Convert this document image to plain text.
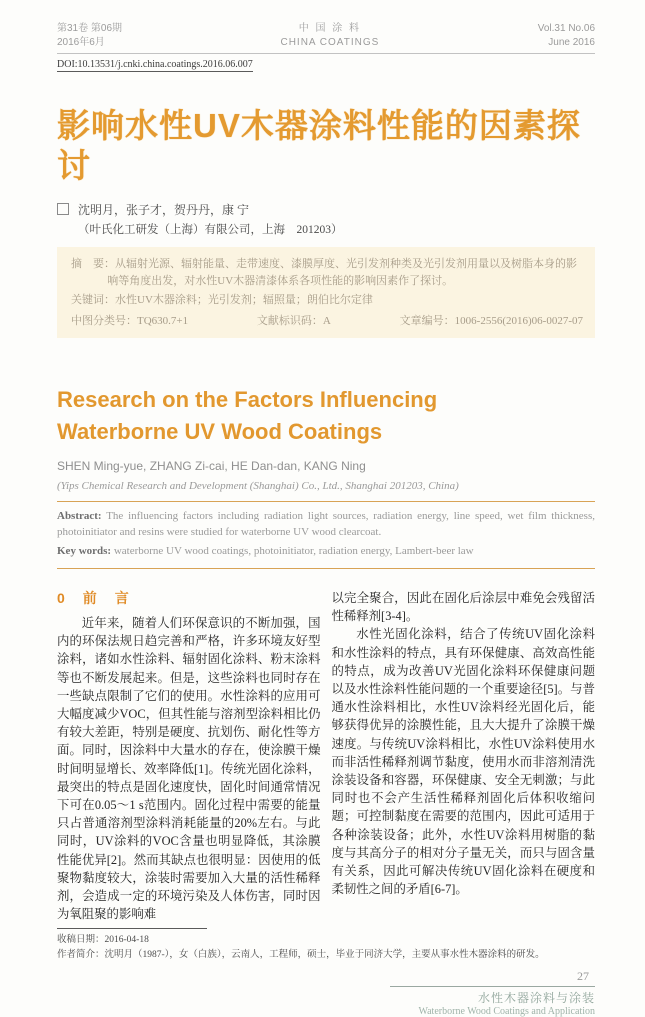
第31卷 第06期
2016年6月
中 国 涂 料
CHINA COATINGS
Vol.31 No.06
June 2016
DOI:10.13531/j.cnki.china.coatings.2016.06.007
影响水性UV木器涂料性能的因素探讨
沈明月，张子才，贺丹丹，康 宁
（叶氏化工研发（上海）有限公司，上海　201203）
摘　要：从辐射光源、辐射能量、走带速度、漆膜厚度、光引发剂种类及光引发剂用量以及树脂本身的影响等角度出发，对水性UV木器清漆体系各项性能的影响因素作了探讨。
关键词：水性UV木器涂料；光引发剂；辐照量；朗伯比尔定律
中图分类号：TQ630.7+1	文献标识码：A	文章编号：1006-2556(2016)06-0027-07
Research on the Factors Influencing Waterborne UV Wood Coatings
SHEN Ming-yue, ZHANG Zi-cai, HE Dan-dan, KANG Ning
(Yips Chemical Research and Development (Shanghai) Co., Ltd., Shanghai 201203, China)
Abstract: The influencing factors including radiation light sources, radiation energy, line speed, wet film thickness, photoinitiator and resins were studied for waterborne UV wood clearcoat.
Key words: waterborne UV wood coatings, photoinitiator, radiation energy, Lambert-beer law
0　前　言

近年来，随着人们环保意识的不断加强，国内的环保法规日趋完善和严格，许多环境友好型涂料，诸如水性涂料、辐射固化涂料、粉末涂料等也不断发展起来。但是，这些涂料也同时存在一些缺点限制了它们的使用。水性涂料的应用可大幅度减少VOC，但其性能与溶剂型涂料相比仍有较大差距，特别是硬度、抗划伤、耐化性等方面。同时，因涂料中大量水的存在，使涂膜干燥时间明显增长、效率降低[1]。传统光固化涂料，最突出的特点是固化速度快，固化时间通常情况下可在0.05～1 s范围内。固化过程中需要的能量只占普通溶剂型涂料消耗能量的20%左右。与此同时，UV涂料的VOC含量也明显降低，其涂膜性能优异[2]。然而其缺点也很明显：因使用的低聚物黏度较大，涂装时需要加入大量的活性稀释剂，会造成一定的环境污染及人体伤害，同时因为氧阻聚的影响难

以完全聚合，因此在固化后涂层中难免会残留活性稀释剂[3-4]。

水性光固化涂料，结合了传统UV固化涂料和水性涂料的特点，具有环保健康、高效高性能的特点，成为改善UV光固化涂料环保健康问题以及水性涂料性能问题的一个重要途径[5]。与普通水性涂料相比，水性UV涂料经光固化后，能够获得优异的涂膜性能，且大大提升了涂膜干燥速度。与传统UV涂料相比，水性UV涂料使用水而非活性稀释剂调节黏度，使用水而非溶剂清洗涂装设备和容器，环保健康、安全无刺激；与此同时也不会产生活性稀释剂固化后体积收缩问题；可控制黏度在需要的范围内，因此可适用于各种涂装设备；此外，水性UV涂料用树脂的黏度与其高分子的相对分子量无关，而只与固含量有关系，因此可解决传统UV固化涂料在硬度和柔韧性之间的矛盾[6-7]。

收稿日期：2016-04-18
作者简介：沈明月（1987-），女（白族），云南人，工程师，硕士，毕业于同济大学，主要从事水性木器涂料的研发。
27
水性木器涂料与涂装
Waterborne Wood Coatings and Application
